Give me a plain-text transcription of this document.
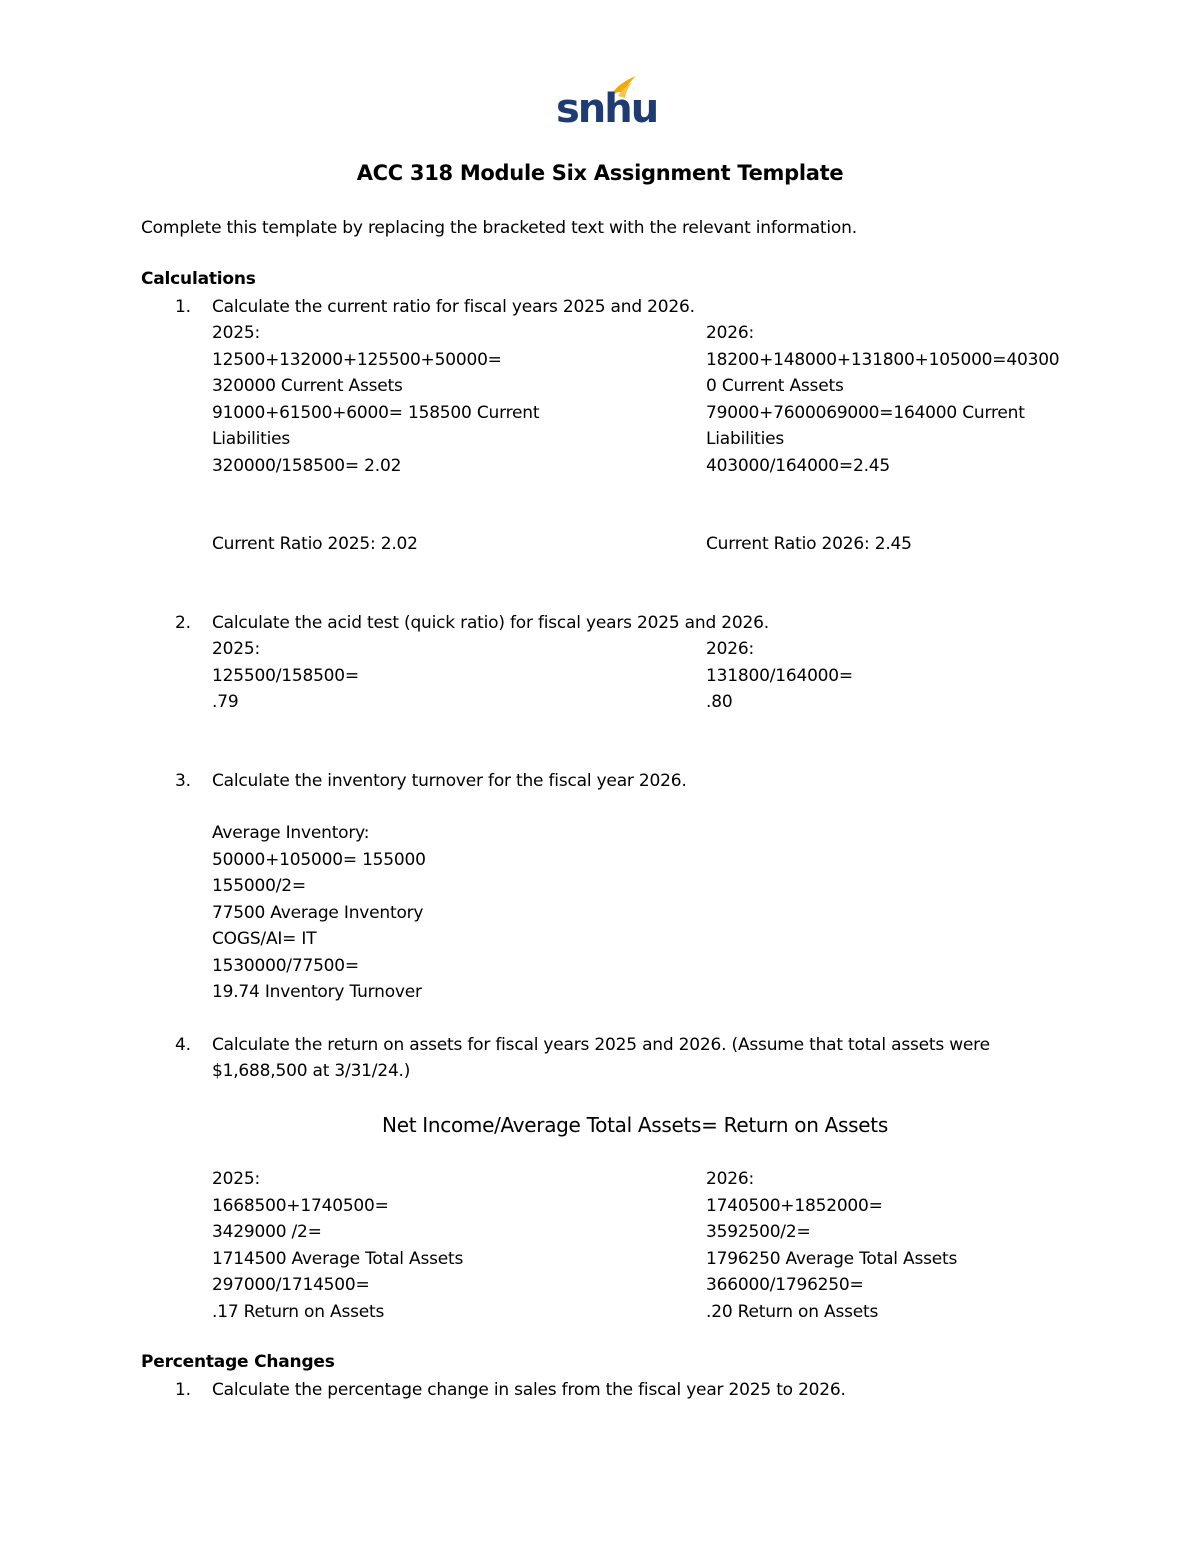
snhu
ACC 318 Module Six Assignment Template
Complete this template by replacing the bracketed text with the relevant information.
Calculations
1. Calculate the current ratio for fiscal years 2025 and 2026.
2025:
12500+132000+125500+50000=
320000 Current Assets
91000+61500+6000= 158500 Current
Liabilities
320000/158500= 2.02
2026:
18200+148000+131800+105000=40300
0 Current Assets
79000+7600069000=164000 Current
Liabilities
403000/164000=2.45
Current Ratio 2025: 2.02	Current Ratio 2026: 2.45
2. Calculate the acid test (quick ratio) for fiscal years 2025 and 2026.
2025:
125500/158500=
.79
2026:
131800/164000=
.80
3. Calculate the inventory turnover for the fiscal year 2026.
Average Inventory:
50000+105000= 155000
155000/2=
77500 Average Inventory
COGS/AI= IT
1530000/77500=
19.74 Inventory Turnover
4. Calculate the return on assets for fiscal years 2025 and 2026. (Assume that total assets were
$1,688,500 at 3/31/24.)
Net Income/Average Total Assets= Return on Assets
2025:
1668500+1740500=
3429000 /2=
1714500 Average Total Assets
297000/1714500=
.17 Return on Assets
2026:
1740500+1852000=
3592500/2=
1796250 Average Total Assets
366000/1796250=
.20 Return on Assets
Percentage Changes
1. Calculate the percentage change in sales from the fiscal year 2025 to 2026.
